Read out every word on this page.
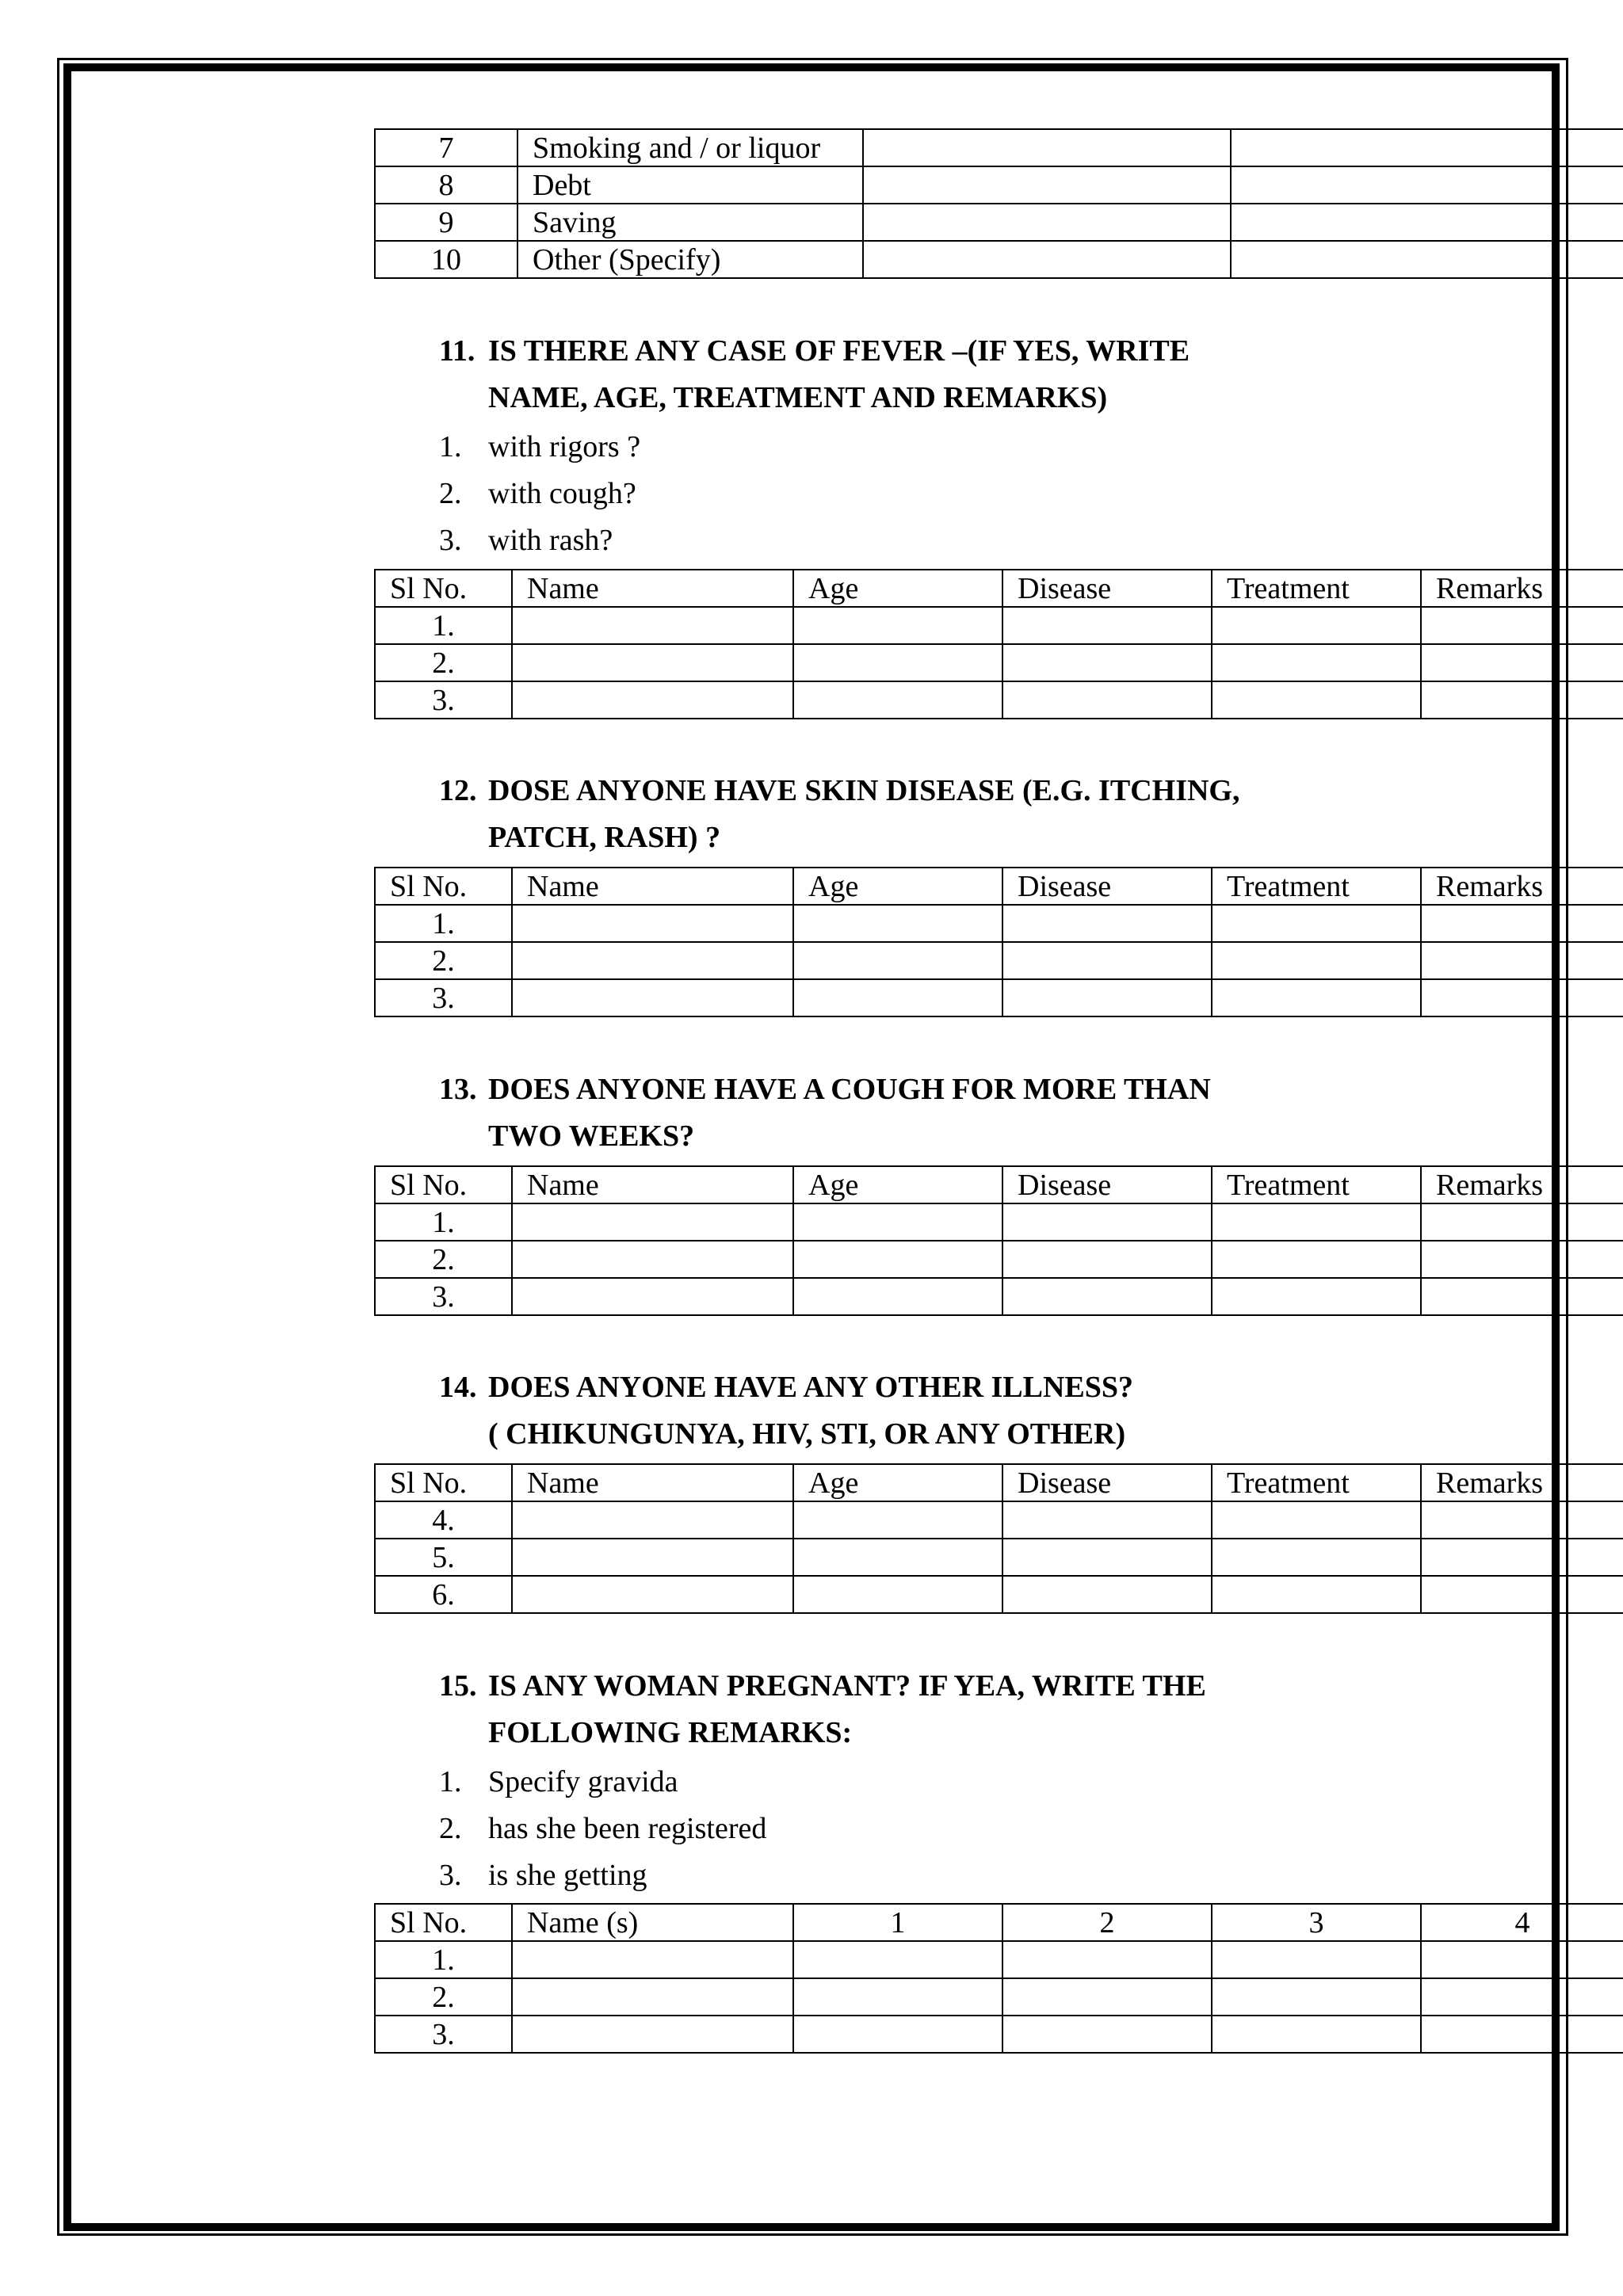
7	Smoking and / or liquor		
8	Debt		
9	Saving		
10	Other (Specify)		
11. IS THERE ANY CASE OF FEVER –(IF YES, WRITE
NAME, AGE, TREATMENT AND REMARKS)
1. with rigors ?
2. with cough?
3. with rash?
Sl No.	Name	Age	Disease	Treatment	Remarks
1.					
2.					
3.					
12. DOSE ANYONE HAVE SKIN DISEASE (E.G. ITCHING,
PATCH, RASH) ?
Sl No.	Name	Age	Disease	Treatment	Remarks
1.					
2.					
3.					
13. DOES ANYONE HAVE A COUGH FOR MORE THAN
TWO WEEKS?
Sl No.	Name	Age	Disease	Treatment	Remarks
1.					
2.					
3.					
14. DOES ANYONE HAVE ANY OTHER ILLNESS?
( CHIKUNGUNYA, HIV, STI, OR ANY OTHER)
Sl No.	Name	Age	Disease	Treatment	Remarks
4.					
5.					
6.					
15. IS ANY WOMAN PREGNANT? IF YEA, WRITE THE
FOLLOWING REMARKS:
1. Specify gravida
2. has she been registered
3. is she getting
Sl No.	Name (s)	1	2	3	4
1.					
2.					
3.					
